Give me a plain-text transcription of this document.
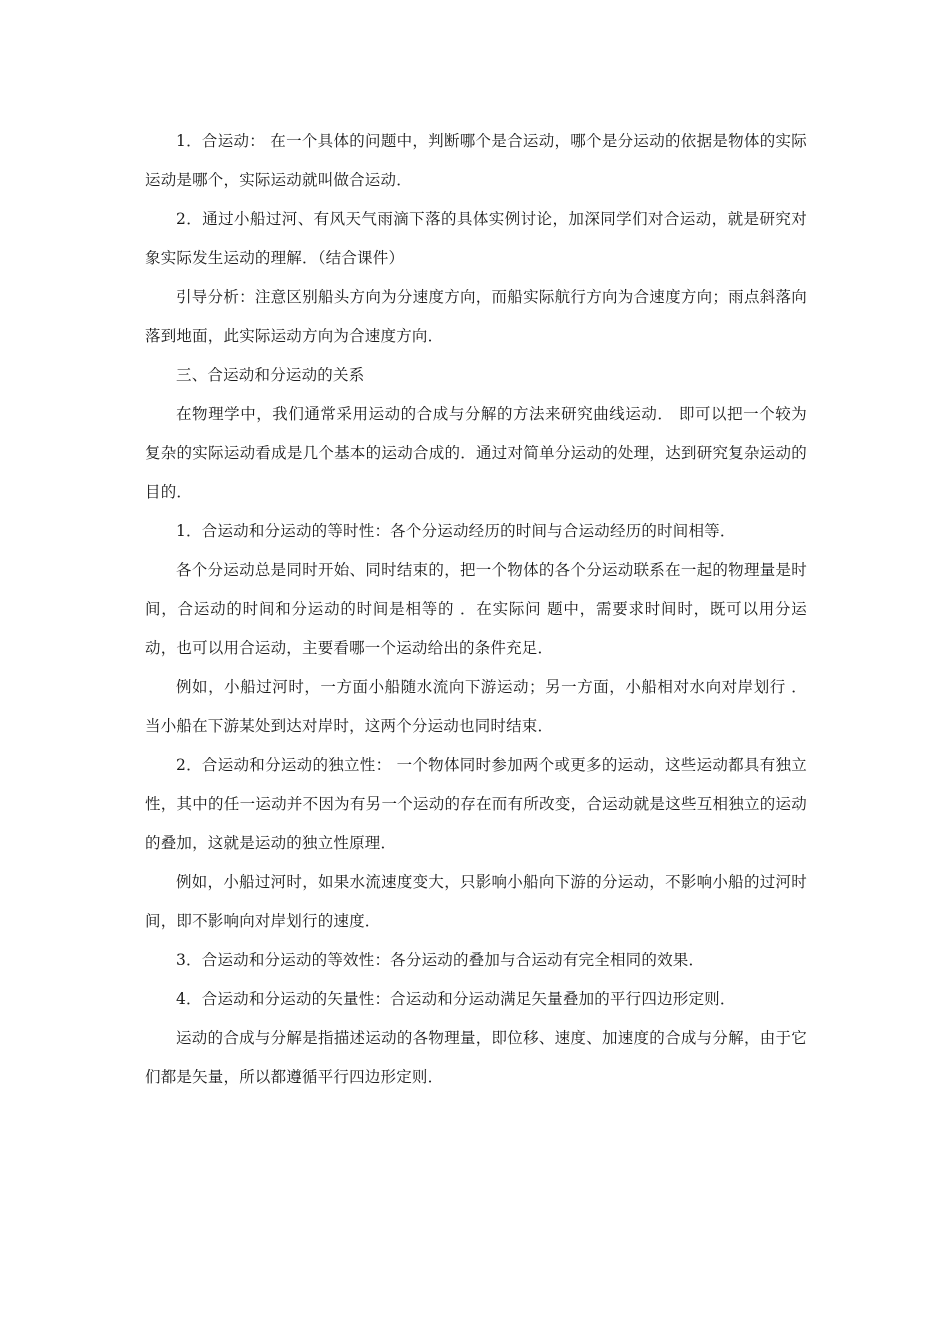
1．合运动： 在一个具体的问题中，判断哪个是合运动，哪个是分运动的依据是物体的实际运动是哪个，实际运动就叫做合运动．

2．通过小船过河、有风天气雨滴下落的具体实例讨论，加深同学们对合运动，就是研究对象实际发生运动的理解．（结合课件）

引导分析：注意区别船头方向为分速度方向，而船实际航行方向为合速度方向；雨点斜落向落到地面，此实际运动方向为合速度方向．

三、合运动和分运动的关系

在物理学中，我们通常采用运动的合成与分解的方法来研究曲线运动． 即可以把一个较为复杂的实际运动看成是几个基本的运动合成的．通过对简单分运动的处理，达到研究复杂运动的目的．

1．合运动和分运动的等时性：各个分运动经历的时间与合运动经历的时间相等．

各个分运动总是同时开始、同时结束的，把一个物体的各个分运动联系在一起的物理量是时间，合运动的时间和分运动的时间是相等的 ．在实际问 题中，需要求时间时，既可以用分运动，也可以用合运动，主要看哪一个运动给出的条件充足．

例如，小船过河时，一方面小船随水流向下游运动；另一方面，小船相对水向对岸划行 ． 当小船在下游某处到达对岸时，这两个分运动也同时结束．

2．合运动和分运动的独立性： 一个物体同时参加两个或更多的运动，这些运动都具有独立性，其中的任一运动并不因为有另一个运动的存在而有所改变，合运动就是这些互相独立的运动的叠加，这就是运动的独立性原理．

例如，小船过河时，如果水流速度变大，只影响小船向下游的分运动，不影响小船的过河时间，即不影响向对岸划行的速度．

3．合运动和分运动的等效性：各分运动的叠加与合运动有完全相同的效果．

4．合运动和分运动的矢量性：合运动和分运动满足矢量叠加的平行四边形定则．

运动的合成与分解是指描述运动的各物理量，即位移、速度、加速度的合成与分解，由于它们都是矢量，所以都遵循平行四边形定则．
